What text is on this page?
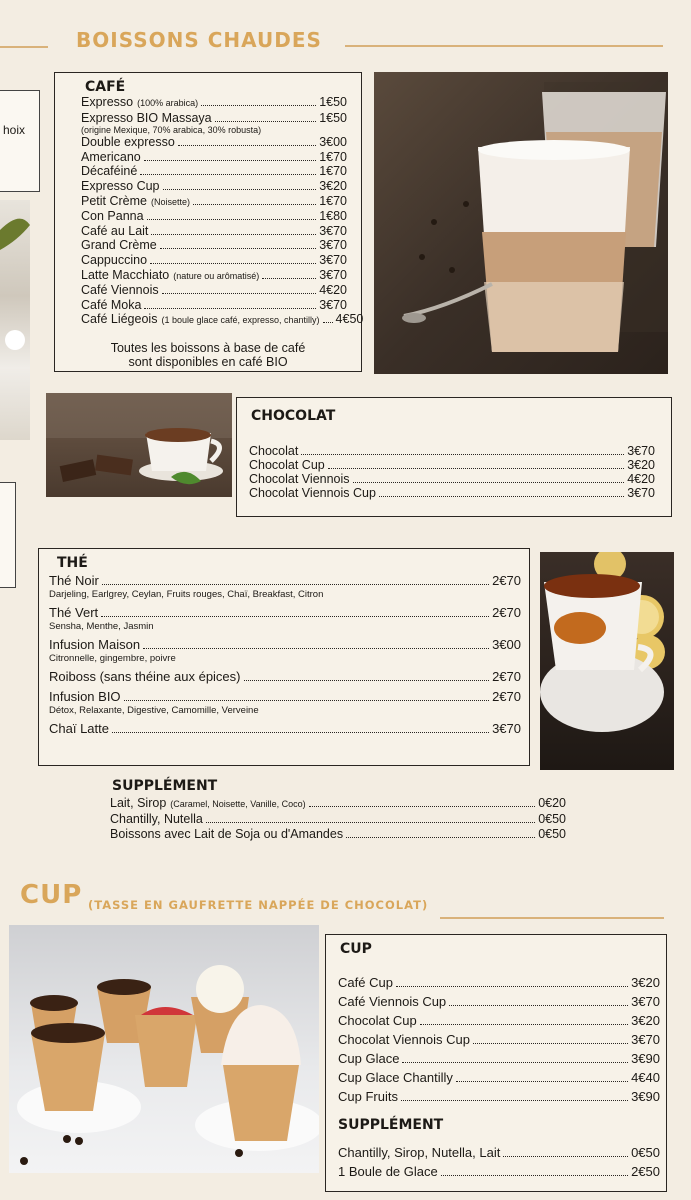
BOISSONS CHAUDES
hoix
CAFÉ
Expresso (100% arabica)	1€50
Expresso BIO Massaya	1€50
(origine Mexique, 70% arabica, 30% robusta)
Double expresso	3€00
Americano	1€70
Décaféiné	1€70
Expresso Cup	3€20
Petit Crème (Noisette)	1€70
Con Panna	1€80
Café au Lait	3€70
Grand Crème	3€70
Cappuccino	3€70
Latte Macchiato (nature ou arômatisé)	3€70
Café Viennois	4€20
Café Moka	3€70
Café Liégeois (1 boule glace café, expresso, chantilly) 4€50
Toutes les boissons à base de café
sont disponibles en café BIO
CHOCOLAT
Chocolat	3€70
Chocolat Cup	3€20
Chocolat Viennois	4€20
Chocolat Viennois Cup	3€70
THÉ
Thé Noir	2€70
Darjeling, Earlgrey, Ceylan, Fruits rouges, Chaï, Breakfast, Citron
Thé Vert	2€70
Sensha, Menthe, Jasmin
Infusion Maison	3€00
Citronnelle, gingembre, poivre
Roiboss (sans théine aux épices)	2€70
Infusion BIO	2€70
Détox, Relaxante, Digestive, Camomille, Verveine
Chaï Latte	3€70
SUPPLÉMENT
Lait, Sirop (Caramel, Noisette, Vanille, Coco)	0€20
Chantilly, Nutella	0€50
Boissons avec Lait de Soja ou d'Amandes	0€50
CUP (TASSE EN GAUFRETTE NAPPÉE DE CHOCOLAT)
CUP
Café Cup	3€20
Café Viennois Cup	3€70
Chocolat Cup	3€20
Chocolat Viennois Cup	3€70
Cup Glace	3€90
Cup Glace Chantilly	4€40
Cup Fruits	3€90
SUPPLÉMENT
Chantilly, Sirop, Nutella, Lait	0€50
1 Boule de Glace	2€50
